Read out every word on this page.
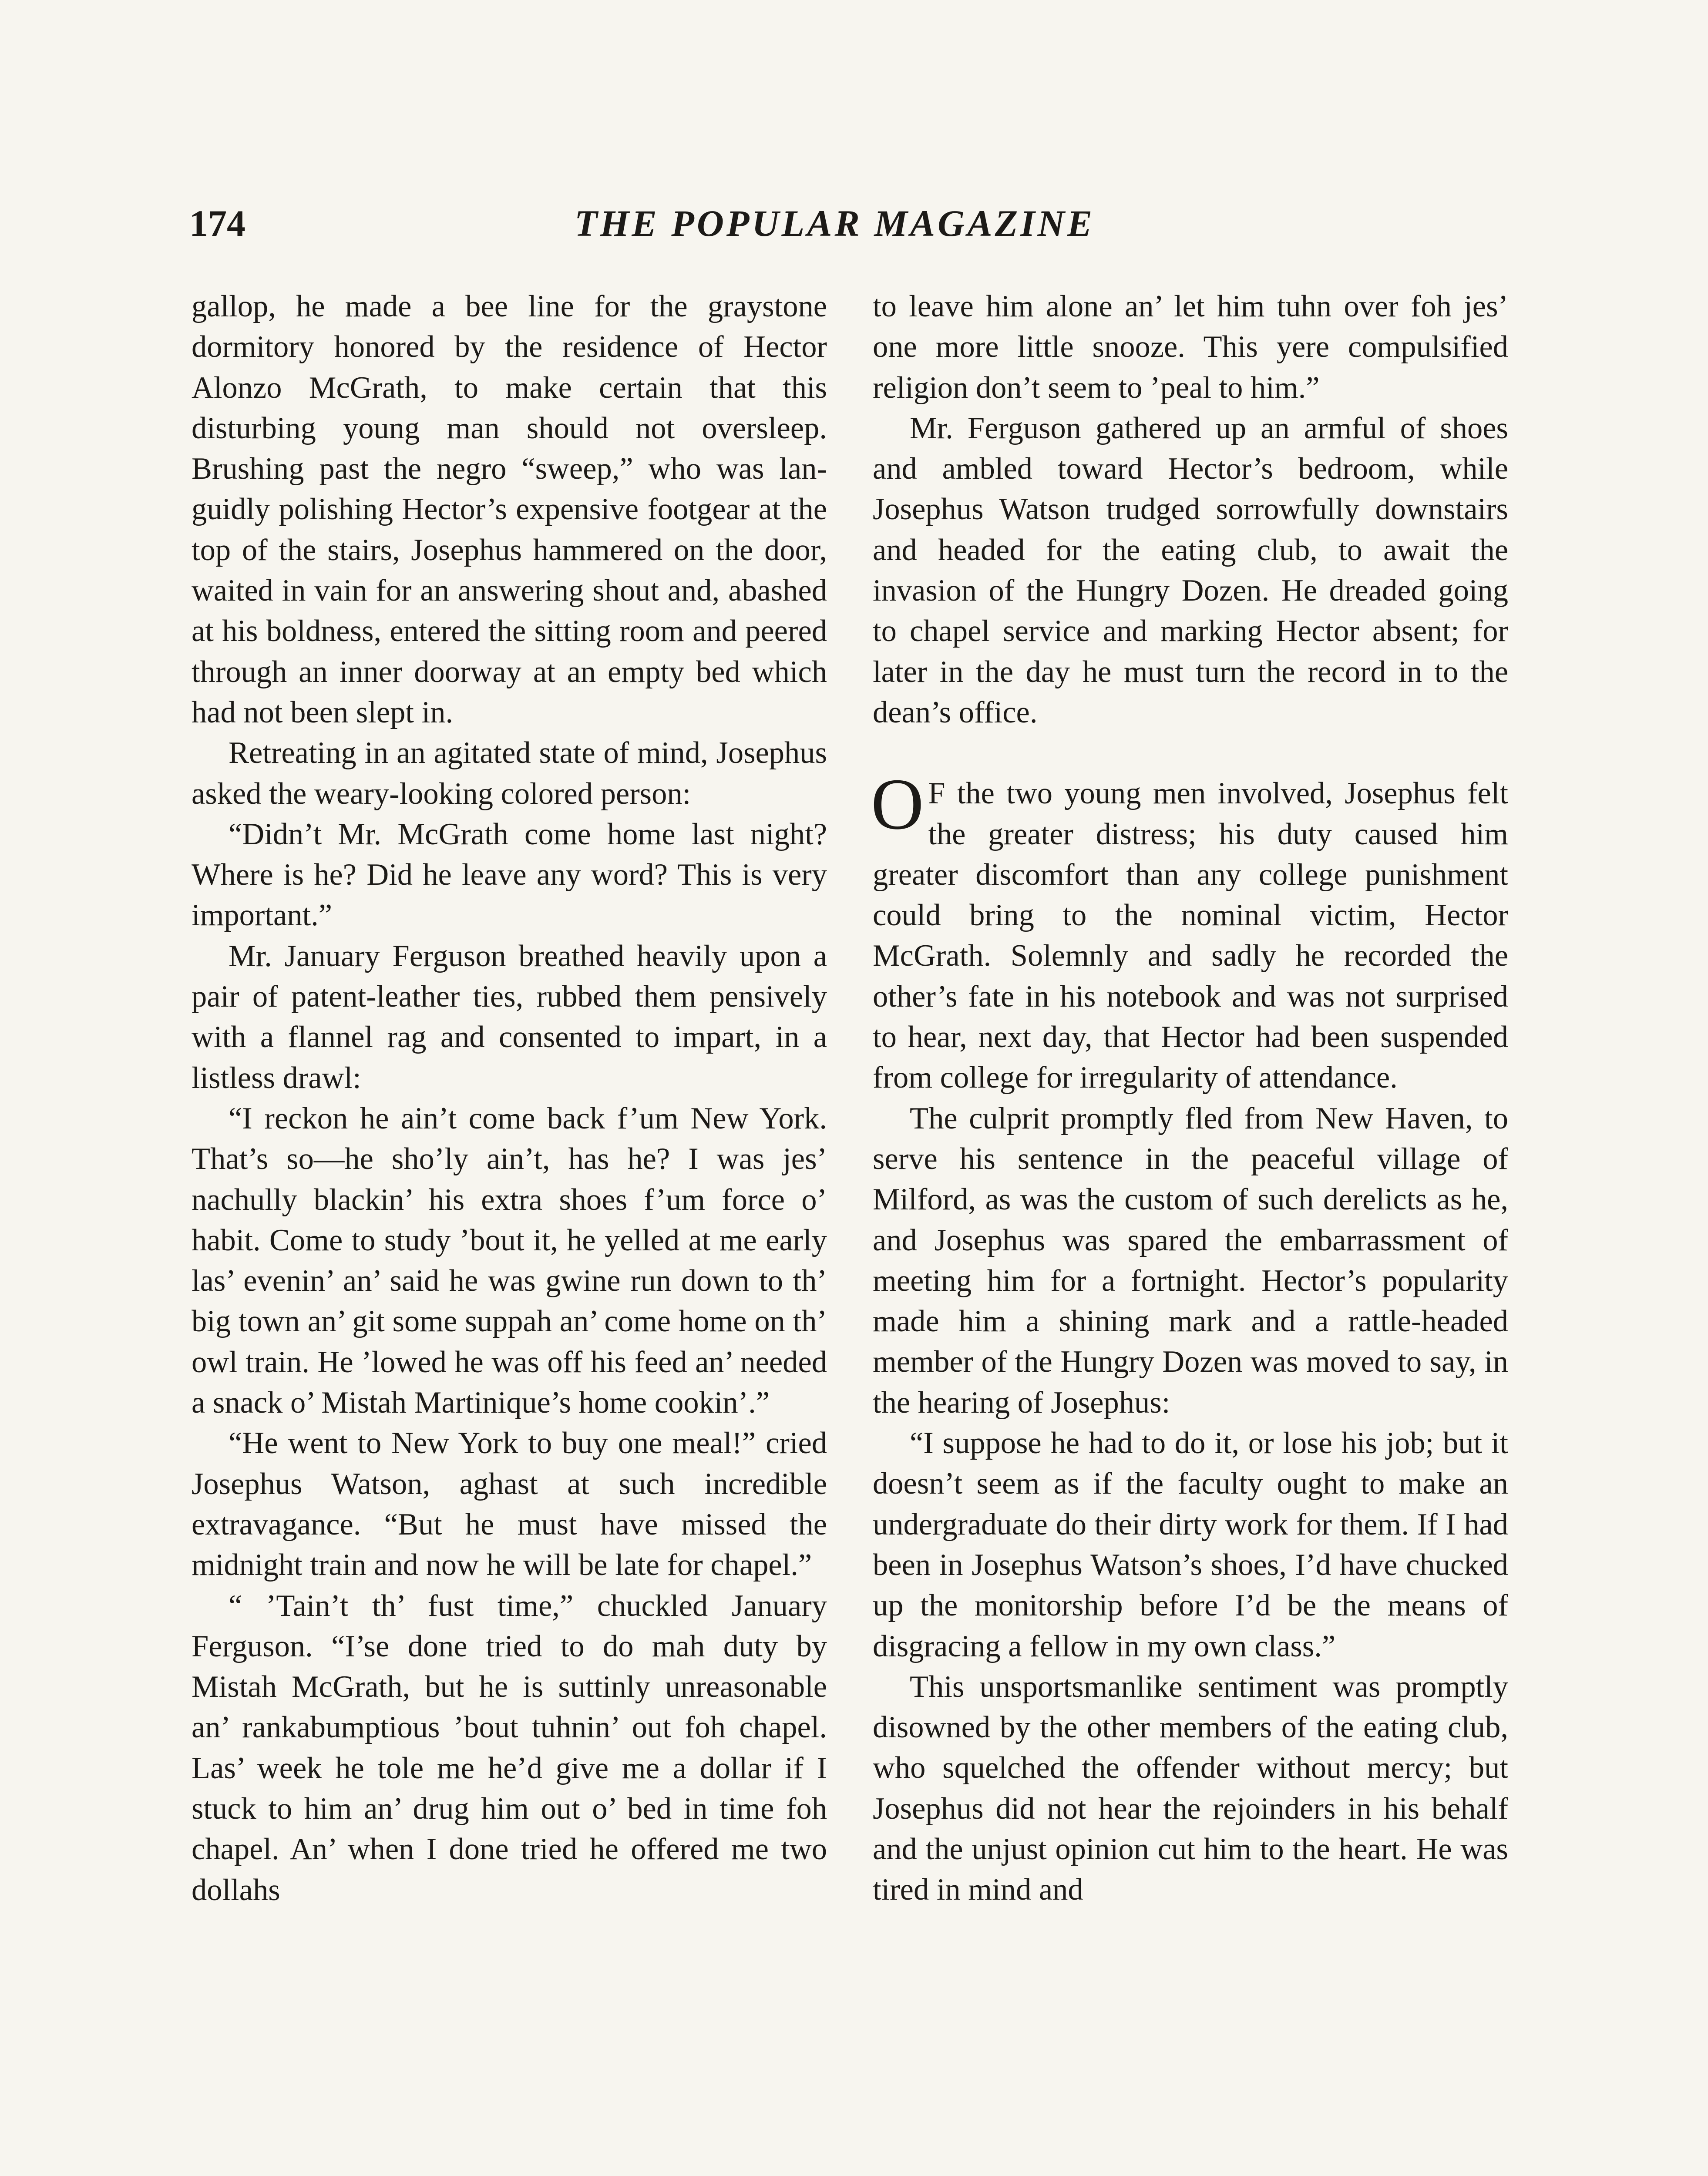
174	THE POPULAR MAGAZINE

gallop, he made a bee line for the graystone dormitory honored by the residence of Hector Alonzo McGrath, to make certain that this disturbing young man should not oversleep. Brushing past the negro “sweep,” who was languidly polishing Hector’s expensive footgear at the top of the stairs, Josephus hammered on the door, waited in vain for an answering shout and, abashed at his boldness, entered the sitting room and peered through an inner doorway at an empty bed which had not been slept in.

Retreating in an agitated state of mind, Josephus asked the weary-looking colored person:

“Didn’t Mr. McGrath come home last night? Where is he? Did he leave any word? This is very important.”

Mr. January Ferguson breathed heavily upon a pair of patent-leather ties, rubbed them pensively with a flannel rag and consented to impart, in a listless drawl:

“I reckon he ain’t come back f’um New York. That’s so—he sho’ly ain’t, has he? I was jes’ nachully blackin’ his extra shoes f’um force o’ habit. Come to study ’bout it, he yelled at me early las’ evenin’ an’ said he was gwine run down to th’ big town an’ git some suppah an’ come home on th’ owl train. He ’lowed he was off his feed an’ needed a snack o’ Mistah Martinique’s home cookin’.”

“He went to New York to buy one meal!” cried Josephus Watson, aghast at such incredible extravagance. “But he must have missed the midnight train and now he will be late for chapel.”

“ ’Tain’t th’ fust time,” chuckled January Ferguson. “I’se done tried to do mah duty by Mistah McGrath, but he is suttinly unreasonable an’ rankabumptious ’bout tuhnin’ out foh chapel. Las’ week he tole me he’d give me a dollar if I stuck to him an’ drug him out o’ bed in time foh chapel. An’ when I done tried he offered me two dollahs

to leave him alone an’ let him tuhn over foh jes’ one more little snooze. This yere compulsified religion don’t seem to ’peal to him.”

Mr. Ferguson gathered up an armful of shoes and ambled toward Hector’s bedroom, while Josephus Watson trudged sorrowfully downstairs and headed for the eating club, to await the invasion of the Hungry Dozen. He dreaded going to chapel service and marking Hector absent; for later in the day he must turn the record in to the dean’s office.

O F the two young men involved, Josephus felt the greater distress; his duty caused him greater discomfort than any college punishment could bring to the nominal victim, Hector McGrath. Solemnly and sadly he recorded the other’s fate in his notebook and was not surprised to hear, next day, that Hector had been suspended from college for irregularity of attendance.

The culprit promptly fled from New Haven, to serve his sentence in the peaceful village of Milford, as was the custom of such derelicts as he, and Josephus was spared the embarrassment of meeting him for a fortnight. Hector’s popularity made him a shining mark and a rattle-headed member of the Hungry Dozen was moved to say, in the hearing of Josephus:

“I suppose he had to do it, or lose his job; but it doesn’t seem as if the faculty ought to make an undergraduate do their dirty work for them. If I had been in Josephus Watson’s shoes, I’d have chucked up the monitorship before I’d be the means of disgracing a fellow in my own class.”

This unsportsmanlike sentiment was promptly disowned by the other members of the eating club, who squelched the offender without mercy; but Josephus did not hear the rejoinders in his behalf and the unjust opinion cut him to the heart. He was tired in mind and
